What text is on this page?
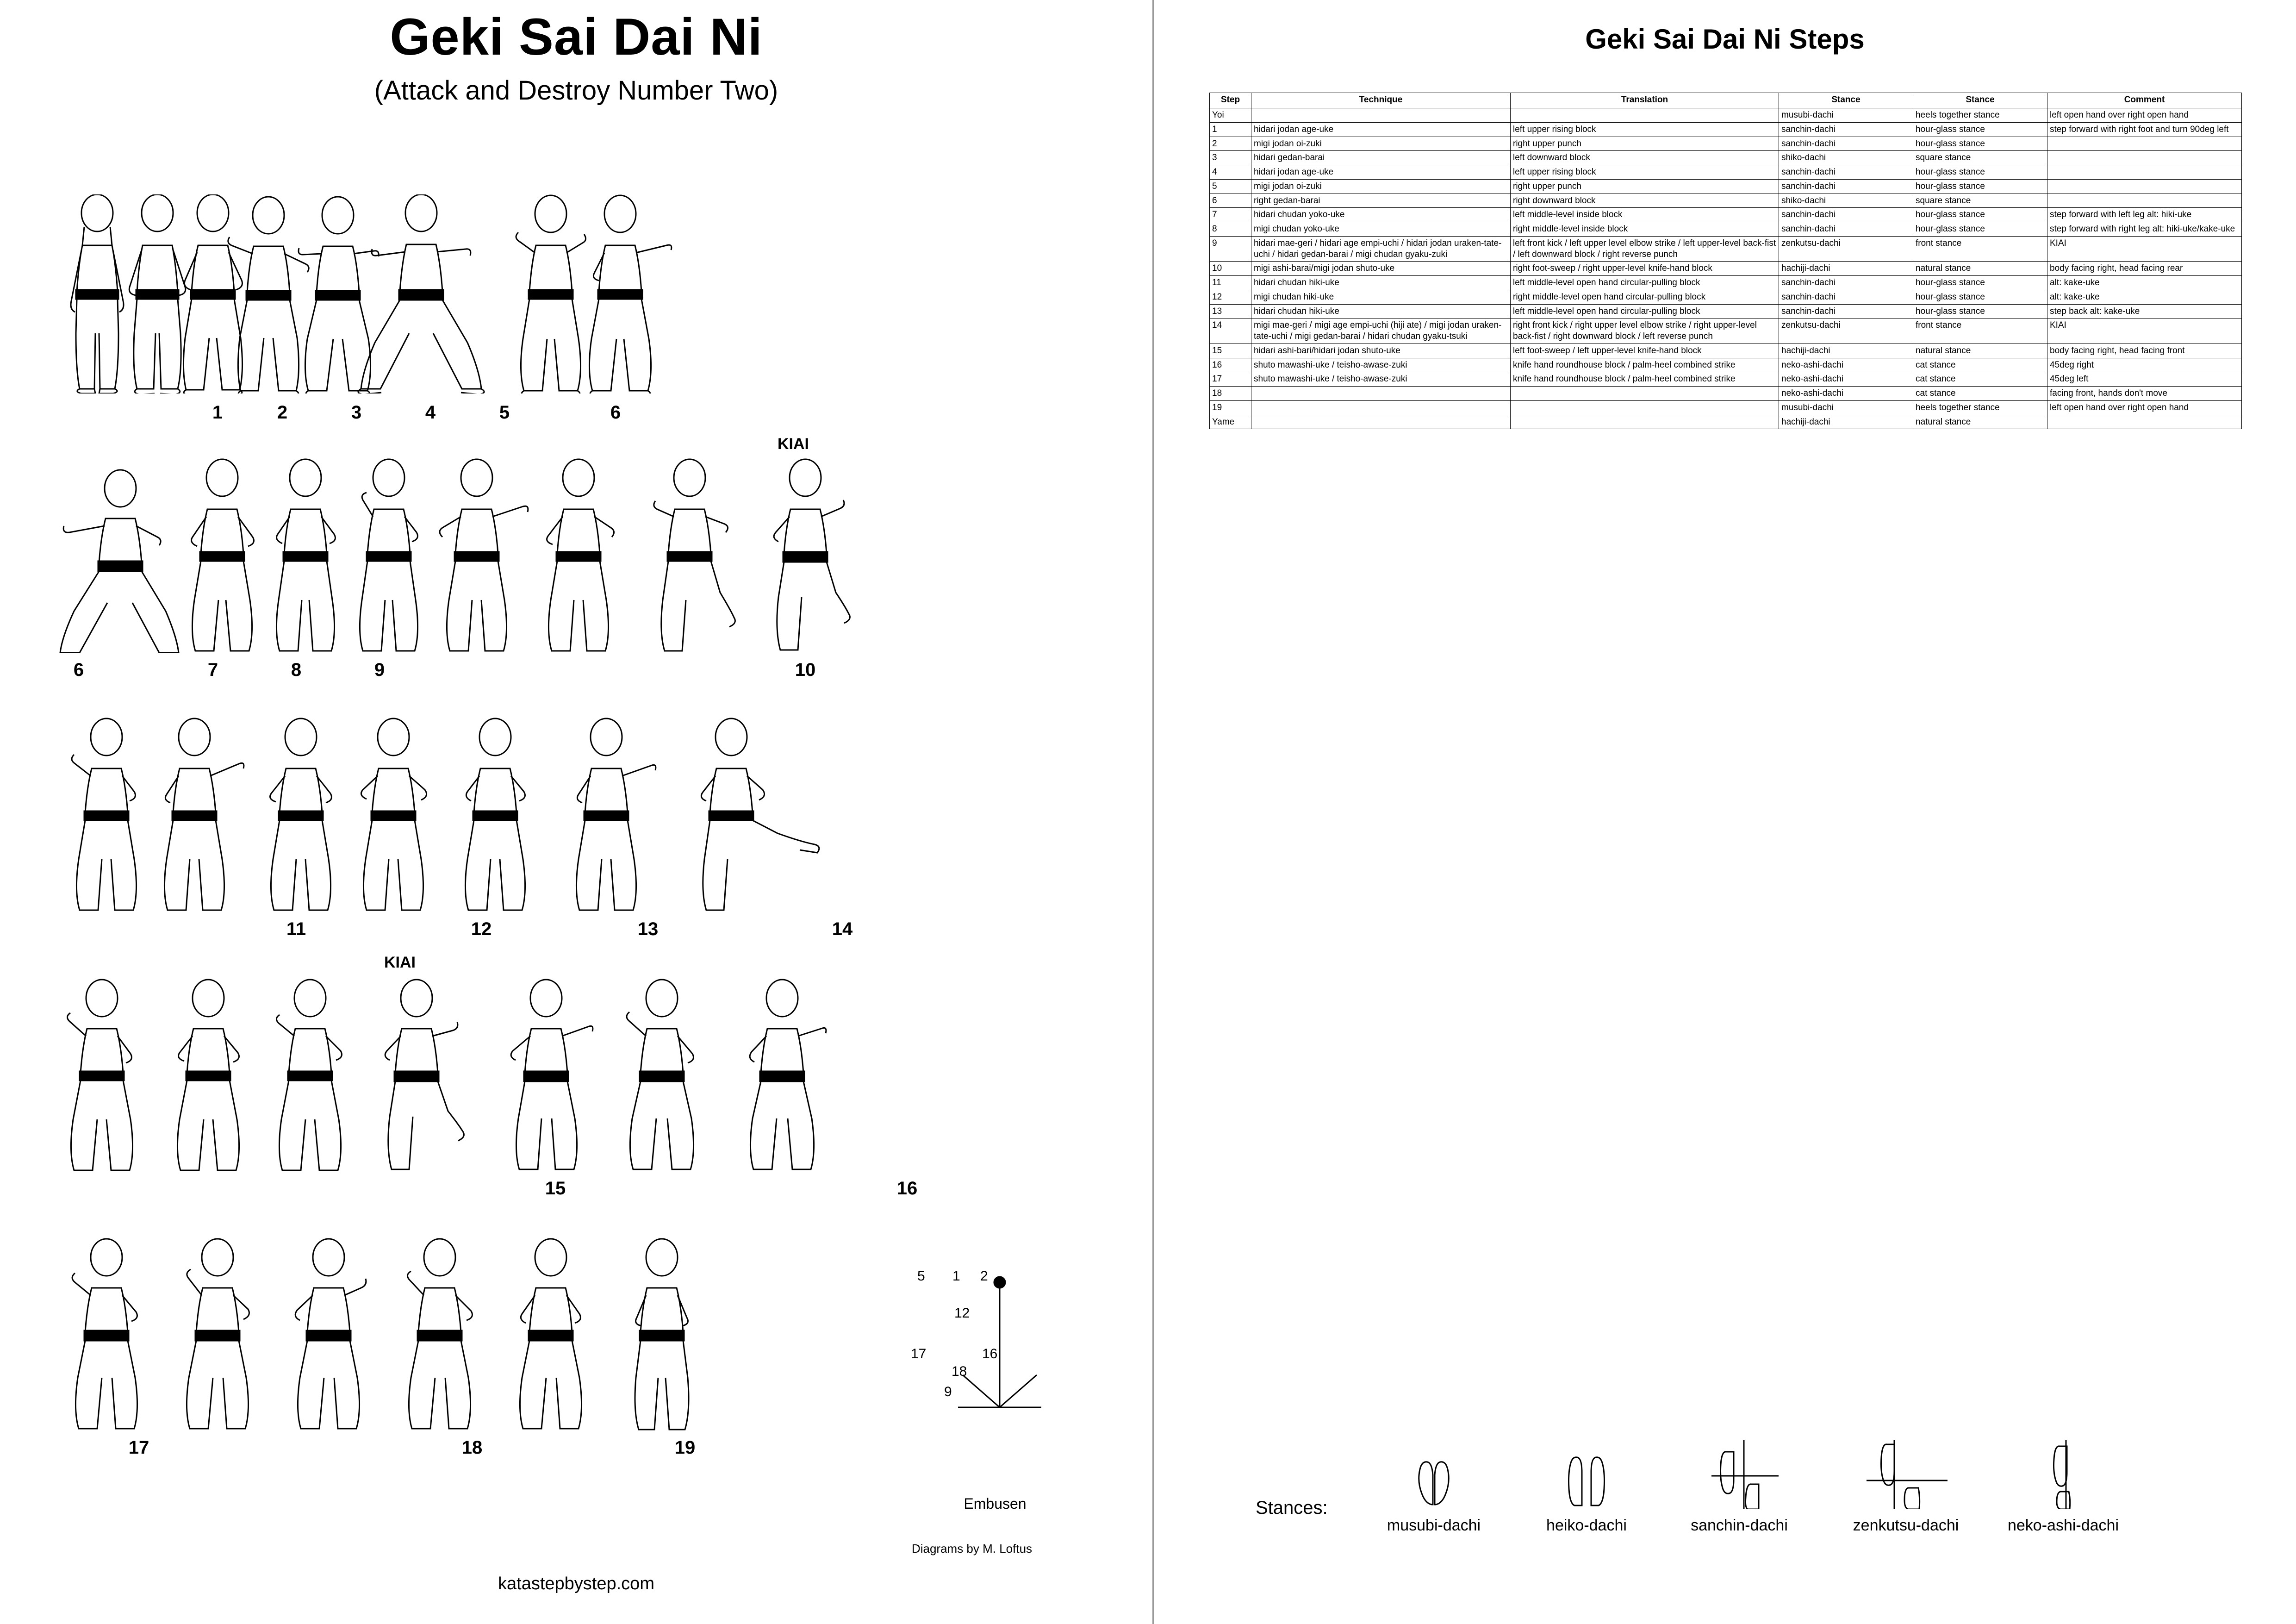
Geki Sai Dai Ni
(Attack and Destroy Number Two)
1	2	3	4	5	6
KIAI
6	7	8	9	10
11	12	13	14
KIAI
15	16
17	18	19
5 1 2
12
17	16
18
9
Embusen
Diagrams by M. Loftus
katastepbystep.com
Geki Sai Dai Ni Steps
Step	Technique	Translation	Stance	Stance	Comment
Yoi			musubi-dachi	heels together stance	left open hand over right open hand
1	hidari jodan age-uke	left upper rising block	sanchin-dachi	hour-glass stance	step forward with right foot and turn 90deg left
2	migi jodan oi-zuki	right upper punch	sanchin-dachi	hour-glass stance	
3	hidari gedan-barai	left downward block	shiko-dachi	square stance	
4	hidari jodan age-uke	left upper rising block	sanchin-dachi	hour-glass stance	
5	migi jodan oi-zuki	right upper punch	sanchin-dachi	hour-glass stance	
6	right gedan-barai	right downward block	shiko-dachi	square stance	
7	hidari chudan yoko-uke	left middle-level inside block	sanchin-dachi	hour-glass stance	step forward with left leg alt: hiki-uke
8	migi chudan yoko-uke	right middle-level inside block	sanchin-dachi	hour-glass stance	step forward with right leg alt: hiki-uke/kake-uke
9	hidari mae-geri / hidari age empi-uchi / hidari jodan uraken-tate-uchi / hidari gedan-barai / migi chudan gyaku-zuki	left front kick / left upper level elbow strike / left upper-level back-fist / left downward block / right reverse punch	zenkutsu-dachi	front stance	KIAI
10	migi ashi-barai/migi jodan shuto-uke	right foot-sweep / right upper-level knife-hand block	hachiji-dachi	natural stance	body facing right, head facing rear
11	hidari chudan hiki-uke	left middle-level open hand circular-pulling block	sanchin-dachi	hour-glass stance	alt: kake-uke
12	migi chudan hiki-uke	right middle-level open hand circular-pulling block	sanchin-dachi	hour-glass stance	alt: kake-uke
13	hidari chudan hiki-uke	left middle-level open hand circular-pulling block	sanchin-dachi	hour-glass stance	step back alt: kake-uke
14	migi mae-geri / migi age empi-uchi (hiji ate) / migi jodan uraken-tate-uchi / migi gedan-barai / hidari chudan gyaku-tsuki	right front kick / right upper level elbow strike / right upper-level back-fist / right downward block / left reverse punch	zenkutsu-dachi	front stance	KIAI
15	hidari ashi-bari/hidari jodan shuto-uke	left foot-sweep / left upper-level knife-hand block	hachiji-dachi	natural stance	body facing right, head facing front
16	shuto mawashi-uke / teisho-awase-zuki	knife hand roundhouse block / palm-heel combined strike	neko-ashi-dachi	cat stance	45deg right
17	shuto mawashi-uke / teisho-awase-zuki	knife hand roundhouse block / palm-heel combined strike	neko-ashi-dachi	cat stance	45deg left
18			neko-ashi-dachi	cat stance	facing front, hands don't move
19			musubi-dachi	heels together stance	left open hand over right open hand
Yame			hachiji-dachi	natural stance	
Stances:
musubi-dachi	heiko-dachi	sanchin-dachi	zenkutsu-dachi	neko-ashi-dachi
